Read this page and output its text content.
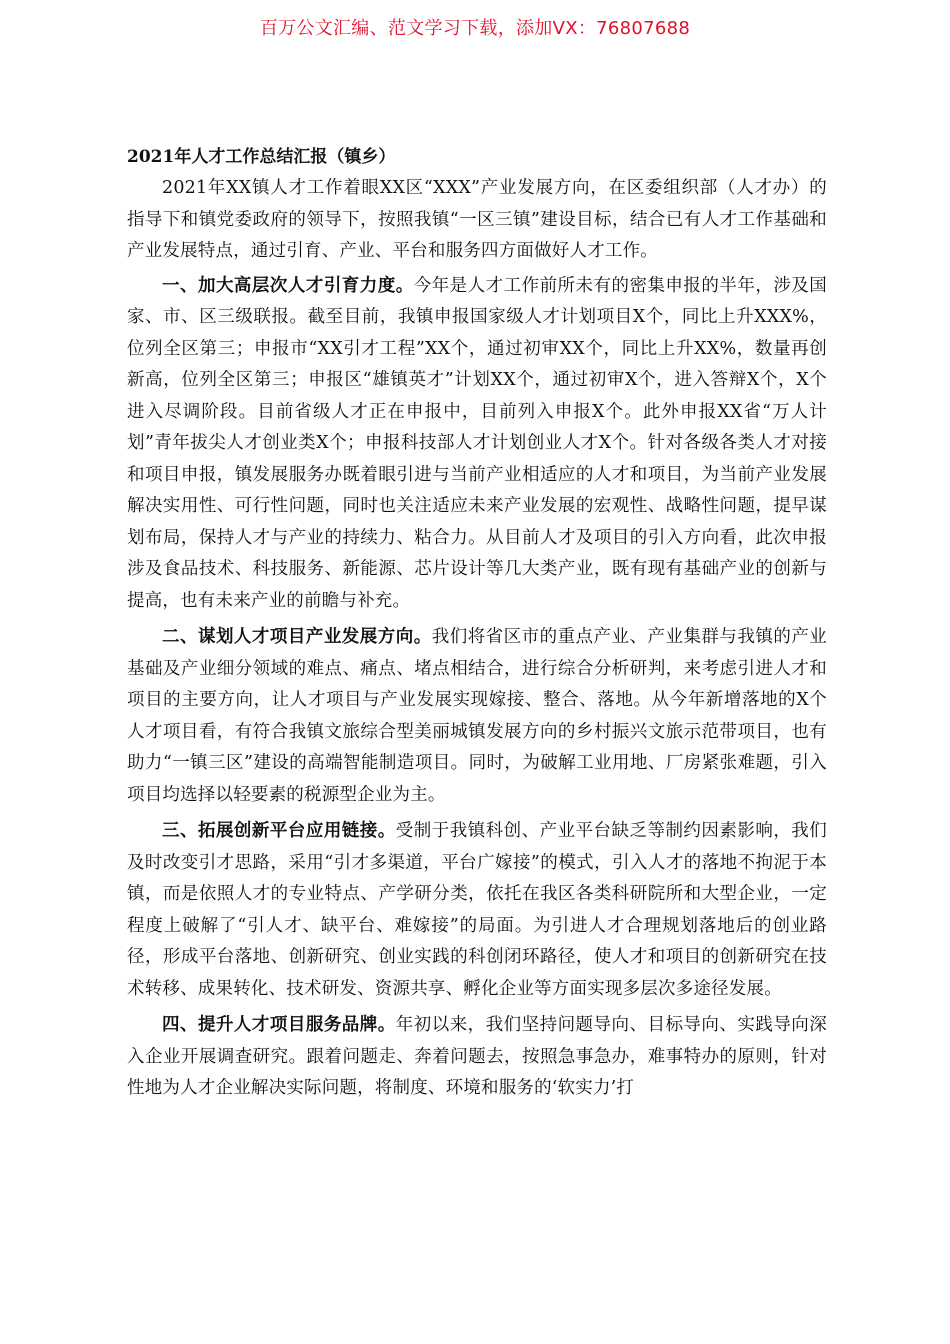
百万公文汇编、范文学习下载，添加VX：76807688
2021年人才工作总结汇报（镇乡）

2021年XX镇人才工作着眼XX区“XXX”产业发展方向，在区委组织部（人才办）的指导下和镇党委政府的领导下，按照我镇“一区三镇”建设目标，结合已有人才工作基础和产业发展特点，通过引育、产业、平台和服务四方面做好人才工作。

一、加大高层次人才引育力度。今年是人才工作前所未有的密集申报的半年，涉及国家、市、区三级联报。截至目前，我镇申报国家级人才计划项目X个，同比上升XXX%，位列全区第三；申报市“XX引才工程”XX个，通过初审XX个，同比上升XX%，数量再创新高，位列全区第三；申报区“雄镇英才”计划XX个，通过初审X个，进入答辩X个，X个进入尽调阶段。目前省级人才正在申报中，目前列入申报X个。此外申报XX省“万人计划”青年拔尖人才创业类X个；申报科技部人才计划创业人才X个。针对各级各类人才对接和项目申报，镇发展服务办既着眼引进与当前产业相适应的人才和项目，为当前产业发展解决实用性、可行性问题，同时也关注适应未来产业发展的宏观性、战略性问题，提早谋划布局，保持人才与产业的持续力、粘合力。从目前人才及项目的引入方向看，此次申报涉及食品技术、科技服务、新能源、芯片设计等几大类产业，既有现有基础产业的创新与提高，也有未来产业的前瞻与补充。

二、谋划人才项目产业发展方向。我们将省区市的重点产业、产业集群与我镇的产业基础及产业细分领域的难点、痛点、堵点相结合，进行综合分析研判，来考虑引进人才和项目的主要方向，让人才项目与产业发展实现嫁接、整合、落地。从今年新增落地的X个人才项目看，有符合我镇文旅综合型美丽城镇发展方向的乡村振兴文旅示范带项目，也有助力“一镇三区”建设的高端智能制造项目。同时，为破解工业用地、厂房紧张难题，引入项目均选择以轻要素的税源型企业为主。

三、拓展创新平台应用链接。受制于我镇科创、产业平台缺乏等制约因素影响，我们及时改变引才思路，采用“引才多渠道，平台广嫁接”的模式，引入人才的落地不拘泥于本镇，而是依照人才的专业特点、产学研分类，依托在我区各类科研院所和大型企业，一定程度上破解了“引人才、缺平台、难嫁接”的局面。为引进人才合理规划落地后的创业路径，形成平台落地、创新研究、创业实践的科创闭环路径，使人才和项目的创新研究在技术转移、成果转化、技术研发、资源共享、孵化企业等方面实现多层次多途径发展。

四、提升人才项目服务品牌。年初以来，我们坚持问题导向、目标导向、实践导向深入企业开展调查研究。跟着问题走、奔着问题去，按照急事急办，难事特办的原则，针对性地为人才企业解决实际问题，将制度、环境和服务的‘软实力’打
